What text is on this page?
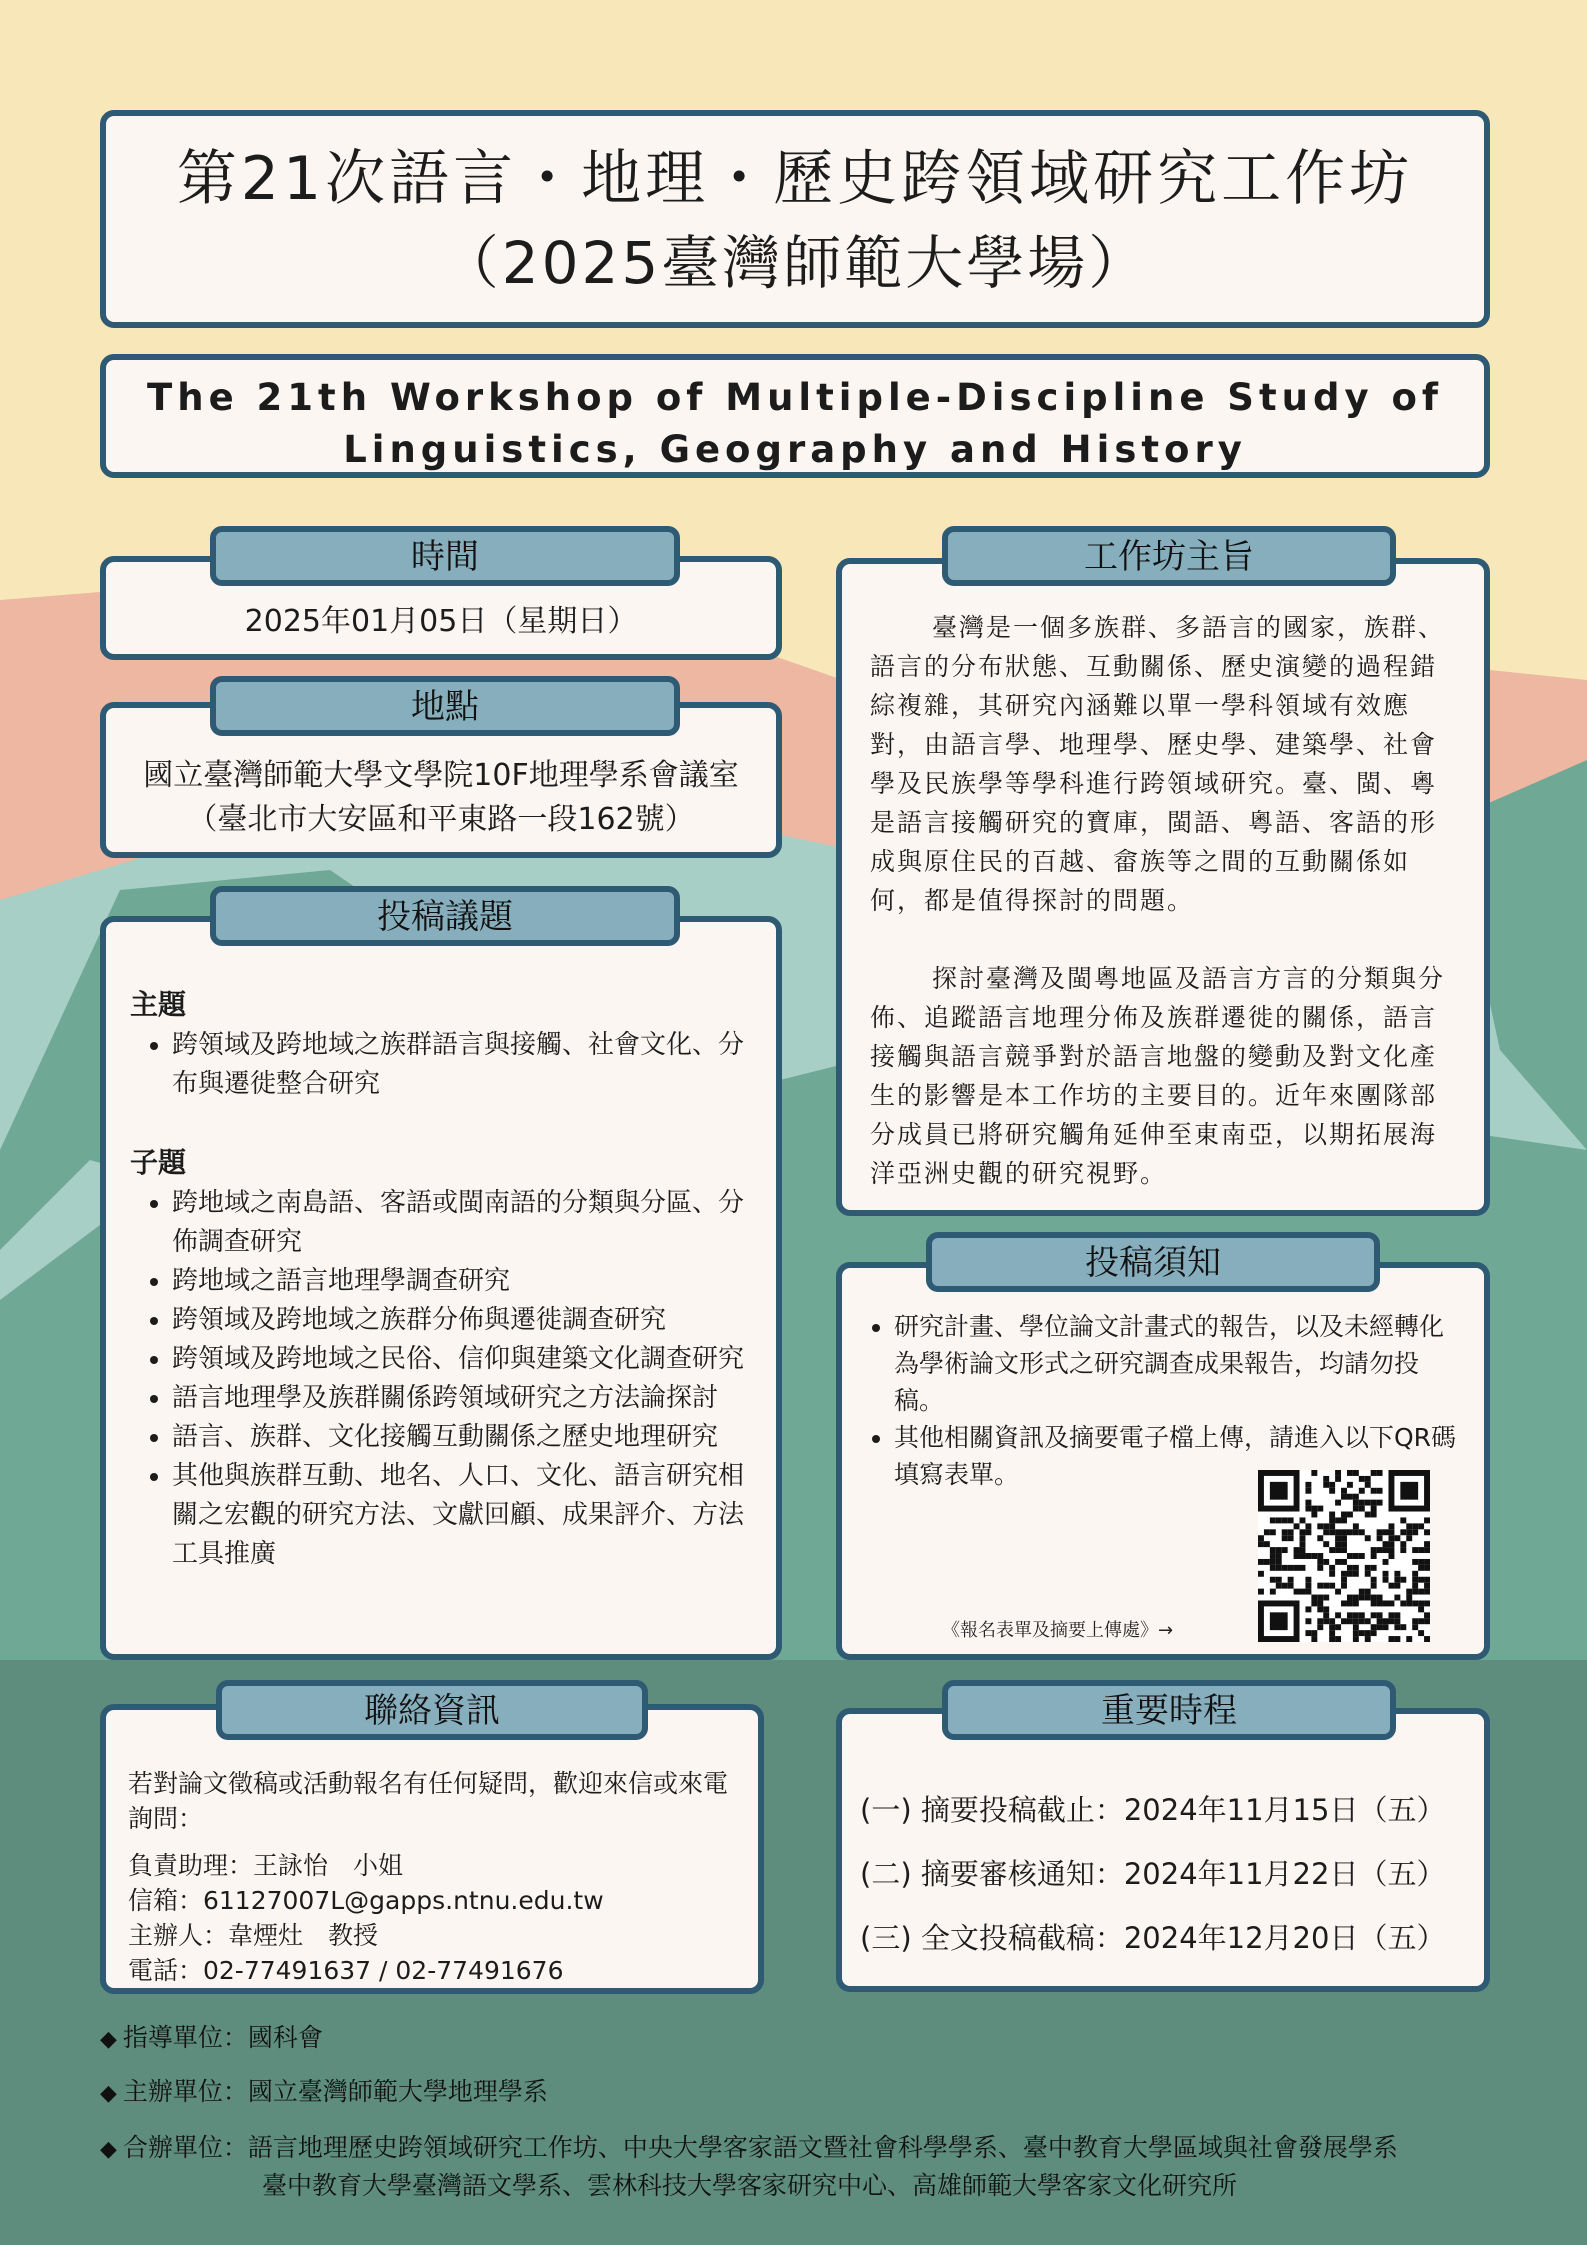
第21次語言・地理・歷史跨領域研究工作坊
（2025臺灣師範大學場）
The 21th Workshop of Multiple-Discipline Study of
Linguistics, Geography and History
2025年01月05日（星期日）
時間
國立臺灣師範大學文學院10F地理學系會議室
（臺北市大安區和平東路一段162號）
地點
主題
• 跨領域及跨地域之族群語言與接觸、社會文化、分布與遷徙整合研究
子題
• 跨地域之南島語、客語或閩南語的分類與分區、分佈調查研究
• 跨地域之語言地理學調查研究
• 跨領域及跨地域之族群分佈與遷徙調查研究
• 跨領域及跨地域之民俗、信仰與建築文化調查研究
• 語言地理學及族群關係跨領域研究之方法論探討
• 語言、族群、文化接觸互動關係之歷史地理研究
• 其他與族群互動、地名、人口、文化、語言研究相關之宏觀的研究方法、文獻回顧、成果評介、方法工具推廣
投稿議題

臺灣是一個多族群、多語言的國家，族群、語言的分布狀態、互動關係、歷史演變的過程錯綜複雜，其研究內涵難以單一學科領域有效應對，由語言學、地理學、歷史學、建築學、社會學及民族學等學科進行跨領域研究。臺、閩、粵是語言接觸研究的寶庫，閩語、粵語、客語的形成與原住民的百越、畲族等之間的互動關係如何，都是值得探討的問題。

探討臺灣及閩粵地區及語言方言的分類與分佈、追蹤語言地理分佈及族群遷徙的關係，語言接觸與語言競爭對於語言地盤的變動及對文化產生的影響是本工作坊的主要目的。近年來團隊部分成員已將研究觸角延伸至東南亞，以期拓展海洋亞洲史觀的研究視野。

工作坊主旨
• 研究計畫、學位論文計畫式的報告，以及未經轉化為學術論文形式之研究調查成果報告，均請勿投稿。
• 其他相關資訊及摘要電子檔上傳，請進入以下QR碼填寫表單。
《報名表單及摘要上傳處》→
投稿須知
若對論文徵稿或活動報名有任何疑問，歡迎來信或來電詢問：
負責助理：王詠怡　小姐
信箱：61127007L@gapps.ntnu.edu.tw
主辦人：韋煙灶　教授
電話：02-77491637 / 02-77491676
聯絡資訊
(一) 摘要投稿截止：2024年11月15日（五）
(二) 摘要審核通知：2024年11月22日（五）
(三) 全文投稿截稿：2024年12月20日（五）
重要時程
◆ 指導單位：國科會
◆ 主辦單位：國立臺灣師範大學地理學系
◆ 合辦單位：語言地理歷史跨領域研究工作坊、中央大學客家語文暨社會科學學系、臺中教育大學區域與社會發展學系
臺中教育大學臺灣語文學系、雲林科技大學客家研究中心、高雄師範大學客家文化研究所
